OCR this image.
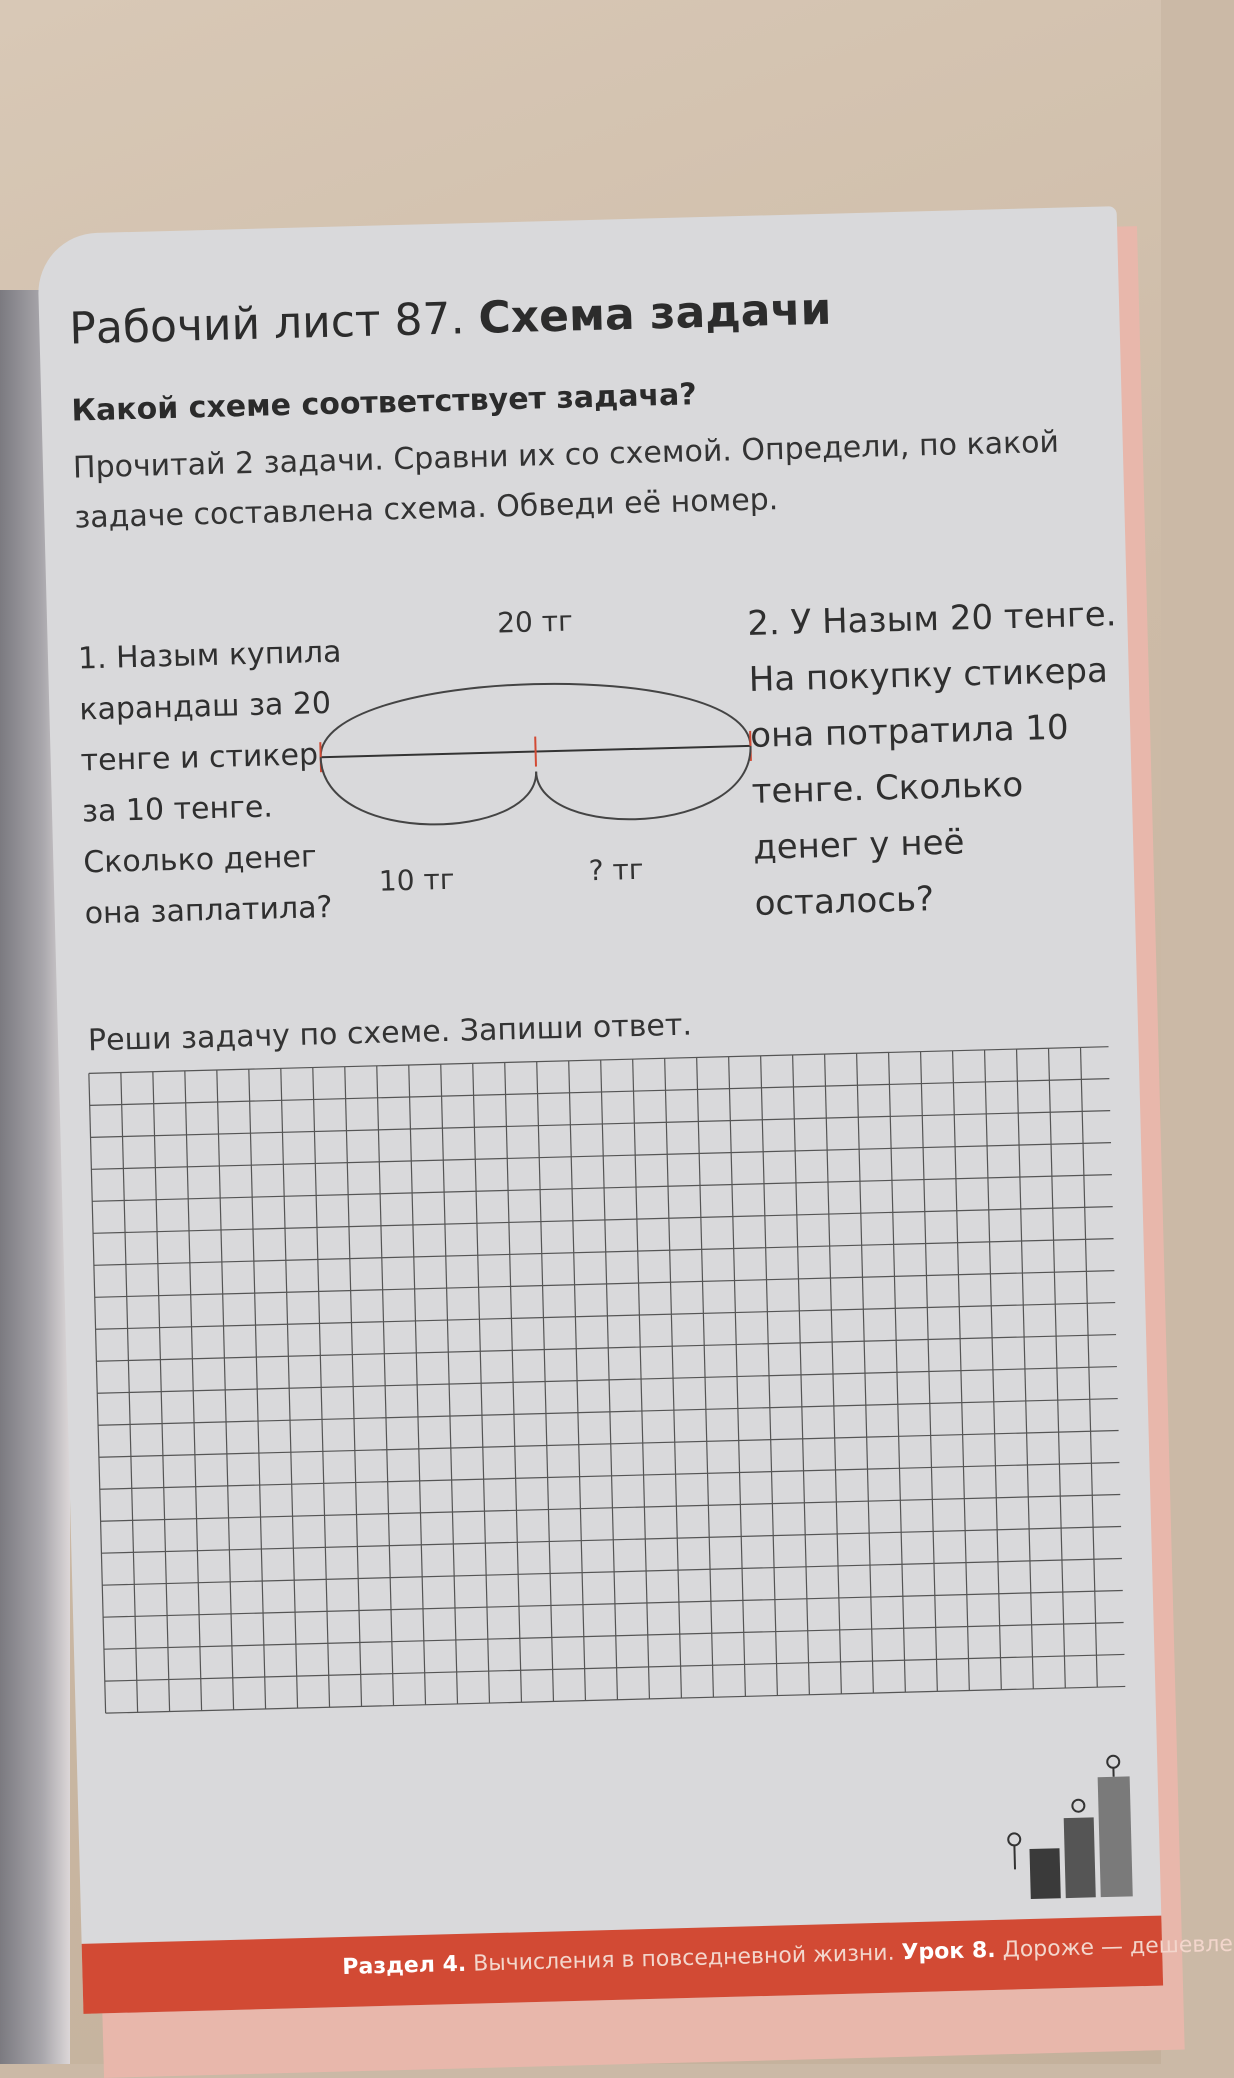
Рабочий лист 87. Схема задачи
Какой схеме соответствует задача?
Прочитай 2 задачи. Сравни их со схемой. Определи, по какой задаче составлена схема. Обведи её номер.
1. Назым купила карандаш за 20 тенге и стикер за 10 тенге. Сколько денег она заплатила?
20 тг
10 тг	? тг
2. У Назым 20 тенге. На покупку стикера она потратила 10 тенге. Сколько денег у неё осталось?
Реши задачу по схеме. Запиши ответ.
Раздел 4. Вычисления в повседневной жизни. Урок 8. Дороже — дешевле
